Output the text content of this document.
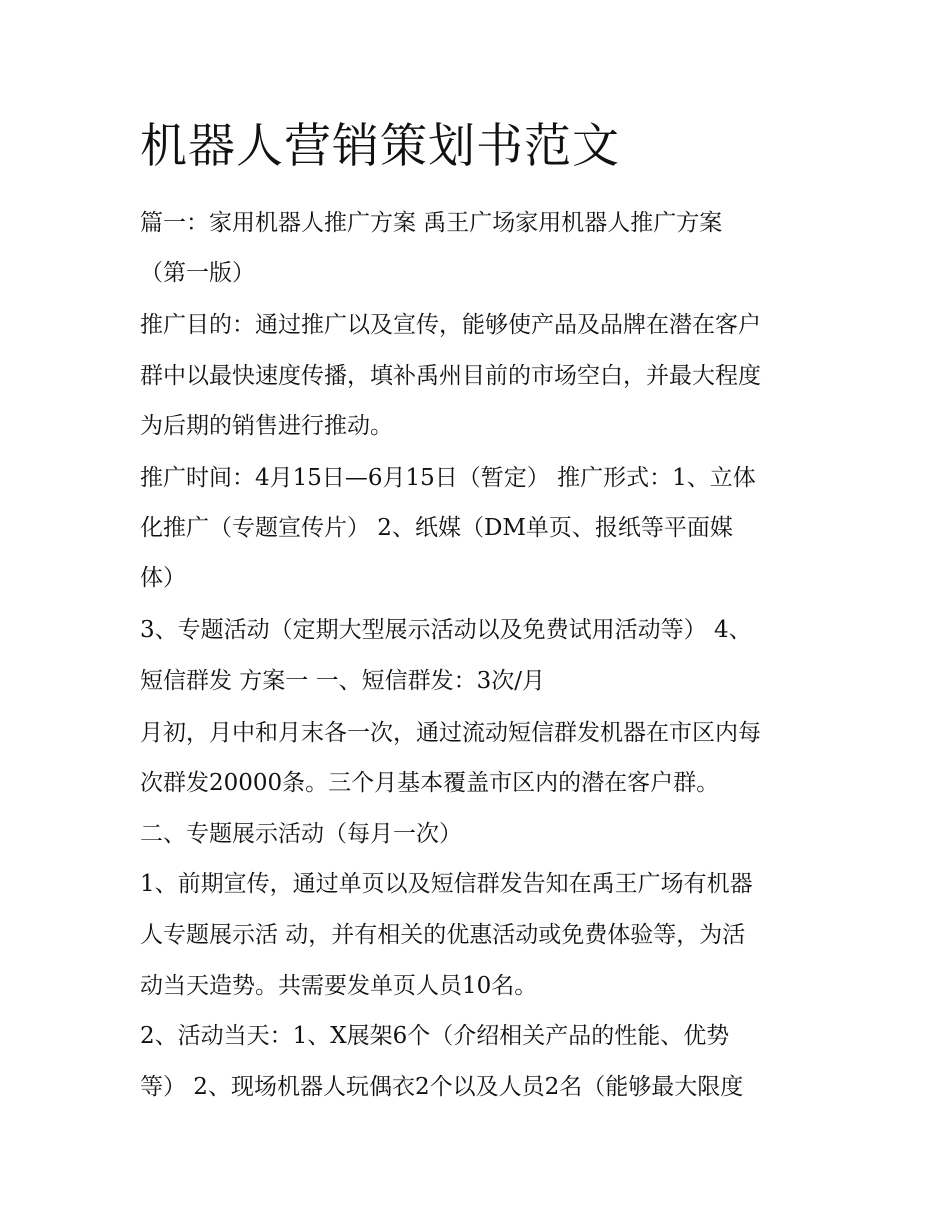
机器人营销策划书范文

篇一：家用机器人推广方案 禹王广场家用机器人推广方案

（第一版）

推广目的：通过推广以及宣传，能够使产品及品牌在潜在客户

群中以最快速度传播，填补禹州目前的市场空白，并最大程度

为后期的销售进行推动。

推广时间：4月15日—6月15日（暂定） 推广形式：1、立体

化推广（专题宣传片） 2、纸媒（DM单页、报纸等平面媒

体）

3、专题活动（定期大型展示活动以及免费试用活动等） 4、

短信群发 方案一 一、短信群发：3次/月

月初，月中和月末各一次，通过流动短信群发机器在市区内每

次群发20000条。三个月基本覆盖市区内的潜在客户群。

二、专题展示活动（每月一次）

1、前期宣传，通过单页以及短信群发告知在禹王广场有机器

人专题展示活 动，并有相关的优惠活动或免费体验等，为活

动当天造势。共需要发单页人员10名。

2、活动当天：1、X展架6个（介绍相关产品的性能、优势

等） 2、现场机器人玩偶衣2个以及人员2名（能够最大限度
